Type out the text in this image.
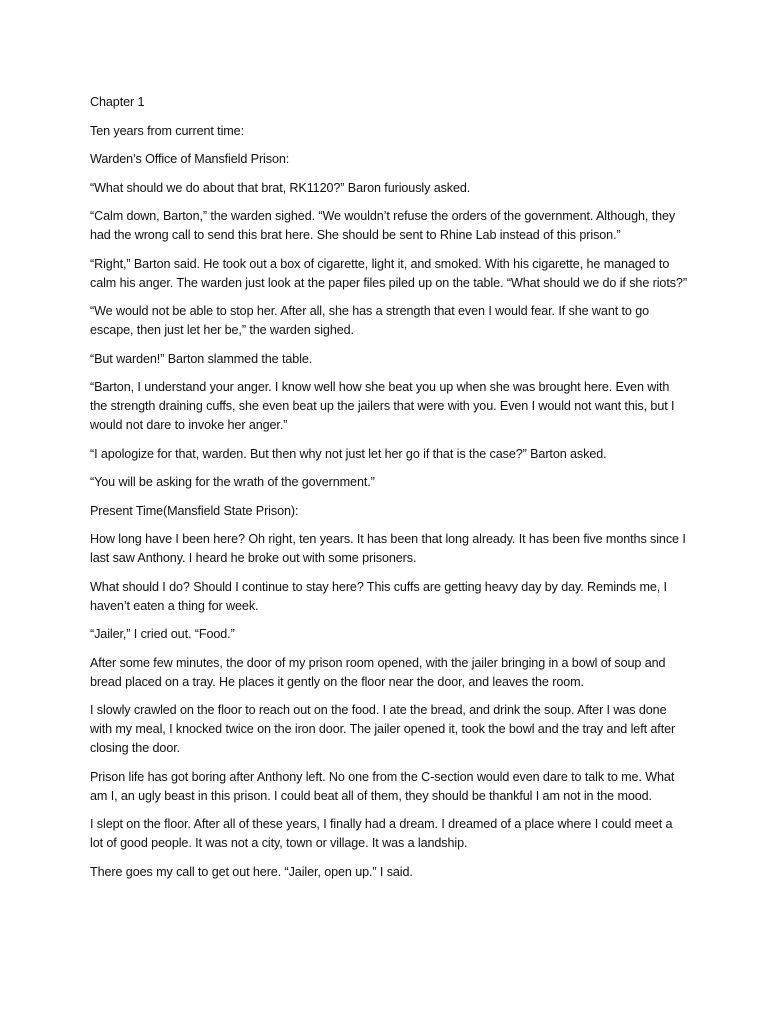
Chapter 1

Ten years from current time:

Warden’s Office of Mansfield Prison:

“What should we do about that brat, RK1120?” Baron furiously asked.

“Calm down, Barton,” the warden sighed. “We wouldn’t refuse the orders of the government. Although, they had the wrong call to send this brat here. She should be sent to Rhine Lab instead of this prison.”

“Right,” Barton said. He took out a box of cigarette, light it, and smoked. With his cigarette, he managed to calm his anger. The warden just look at the paper files piled up on the table. “What should we do if she riots?”

“We would not be able to stop her. After all, she has a strength that even I would fear. If she want to go escape, then just let her be,” the warden sighed.

“But warden!” Barton slammed the table.

“Barton, I understand your anger. I know well how she beat you up when she was brought here. Even with the strength draining cuffs, she even beat up the jailers that were with you. Even I would not want this, but I would not dare to invoke her anger.”

“I apologize for that, warden. But then why not just let her go if that is the case?” Barton asked.

“You will be asking for the wrath of the government.”

Present Time(Mansfield State Prison):

How long have I been here? Oh right, ten years. It has been that long already. It has been five months since I last saw Anthony. I heard he broke out with some prisoners.

What should I do? Should I continue to stay here? This cuffs are getting heavy day by day. Reminds me, I haven’t eaten a thing for week.

“Jailer,” I cried out. “Food.”

After some few minutes, the door of my prison room opened, with the jailer bringing in a bowl of soup and bread placed on a tray. He places it gently on the floor near the door, and leaves the room.

I slowly crawled on the floor to reach out on the food. I ate the bread, and drink the soup. After I was done with my meal, I knocked twice on the iron door. The jailer opened it, took the bowl and the tray and left after closing the door.

Prison life has got boring after Anthony left. No one from the C-section would even dare to talk to me. What am I, an ugly beast in this prison. I could beat all of them, they should be thankful I am not in the mood.

I slept on the floor. After all of these years, I finally had a dream. I dreamed of a place where I could meet a lot of good people. It was not a city, town or village. It was a landship.

There goes my call to get out here. “Jailer, open up.” I said.
